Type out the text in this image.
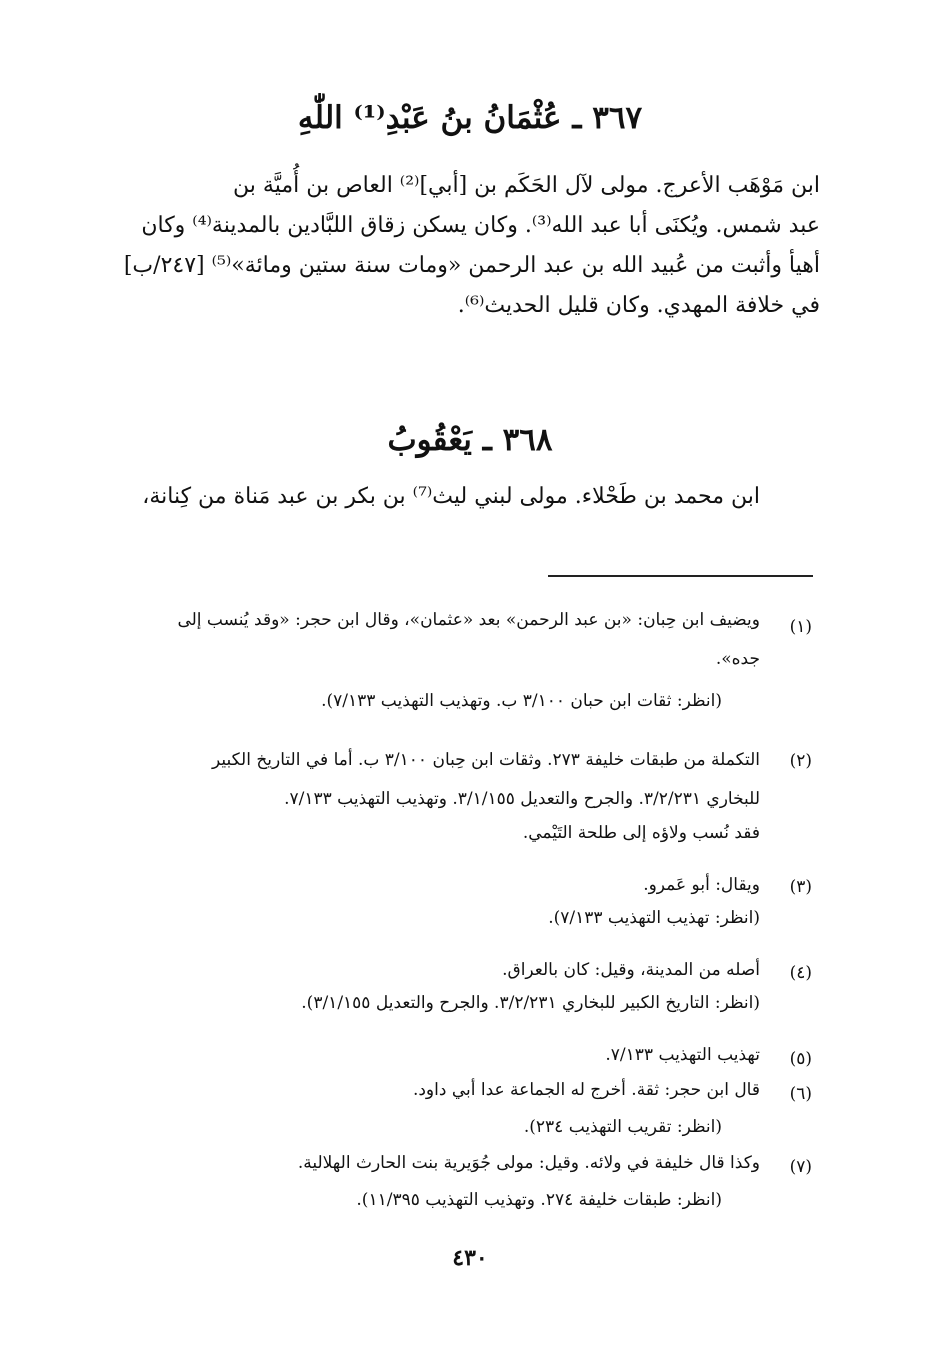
٣٦٧ ـ عُثْمَانُ بنُ عَبْدِ⁽¹⁾ اللّٰهِ
ابن مَوْهَب الأعرج. مولى لآل الحَكَم بن [أبي]⁽²⁾ العاص بن أُميَّة بن
عبد شمس. ويُكنَى أبا عبد الله⁽³⁾. وكان يسكن زقاق اللبَّادين بالمدينة⁽⁴⁾ وكان
أهيأ وأثبت من عُبيد الله بن عبد الرحمن «ومات سنة ستين ومائة»⁽⁵⁾ [٢٤٧/ب]
في خلافة المهدي. وكان قليل الحديث⁽⁶⁾.
٣٦٨ ـ يَعْقُوبُ
ابن محمد بن طَحْلاء. مولى لبني ليث⁽⁷⁾ بن بكر بن عبد مَناة من كِنانة،
(١)
ويضيف ابن حِبان: «بن عبد الرحمن» بعد «عثمان»، وقال ابن حجر: «وقد يُنسب إلى
جده».
(انظر: ثقات ابن حبان ٣/١٠٠ ب. وتهذيب التهذيب ٧/١٣٣).
(٢)
التكملة من طبقات خليفة ٢٧٣. وثقات ابن حِبان ٣/١٠٠ ب. أما في التاريخ الكبير
للبخاري ٣/٢/٢٣١. والجرح والتعديل ٣/١/١٥٥. وتهذيب التهذيب ٧/١٣٣.
فقد نُسب ولاؤه إلى طلحة التَيْمي.
(٣)
ويقال: أبو عَمرو.
(انظر: تهذيب التهذيب ٧/١٣٣).
(٤)
أصله من المدينة، وقيل: كان بالعراق.
(انظر: التاريخ الكبير للبخاري ٣/٢/٢٣١. والجرح والتعديل ٣/١/١٥٥).
(٥)
تهذيب التهذيب ٧/١٣٣.
(٦)
قال ابن حجر: ثقة. أخرج له الجماعة عدا أبي داود.
(انظر: تقريب التهذيب ٢٣٤).
(٧)
وكذا قال خليفة في ولائه. وقيل: مولى جُوَيرية بنت الحارث الهلالية.
(انظر: طبقات خليفة ٢٧٤. وتهذيب التهذيب ١١/٣٩٥).
٤٣٠
